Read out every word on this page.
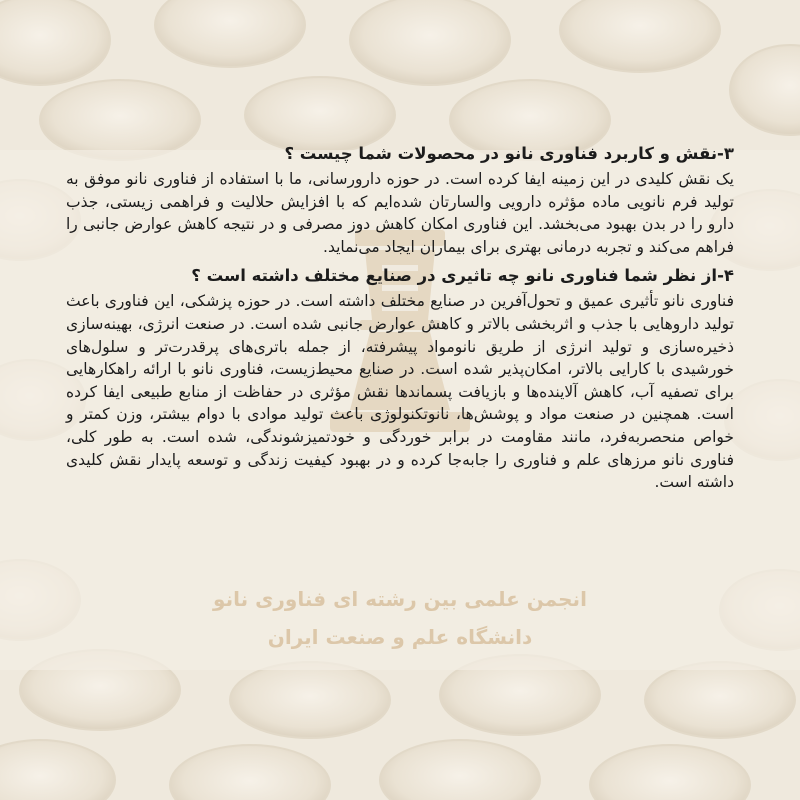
۳-نقش و کاربرد فناوری نانو در محصولات شما چیست ؟
یک نقش کلیدی در این زمینه ایفا کرده است. در حوزه دارورسانی، ما با استفاده از فناوری نانو موفق به تولید فرم نانویی ماده مؤثره دارویی والسارتان شده‌ایم که با افزایش حلالیت و فراهمی زیستی، جذب دارو را در بدن بهبود می‌بخشد. این فناوری امکان کاهش دوز مصرفی و در نتیجه کاهش عوارض جانبی را فراهم می‌کند و تجربه درمانی بهتری برای بیماران ایجاد می‌نماید.
۴-از نظر شما فناوری نانو چه تاثیری در صنایع مختلف داشته است ؟
فناوری نانو تأثیری عمیق و تحول‌آفرین در صنایع مختلف داشته است. در حوزه پزشکی، این فناوری باعث تولید داروهایی با جذب و اثربخشی بالاتر و کاهش عوارض جانبی شده است. در صنعت انرژی، بهینه‌سازی ذخیره‌سازی و تولید انرژی از طریق نانومواد پیشرفته، از جمله باتری‌های پرقدرت‌تر و سلول‌های خورشیدی با کارایی بالاتر، امکان‌پذیر شده است. در صنایع محیط‌زیست، فناوری نانو با ارائه راهکارهایی برای تصفیه آب، کاهش آلاینده‌ها و بازیافت پسماندها نقش مؤثری در حفاظت از منابع طبیعی ایفا کرده است. همچنین در صنعت مواد و پوشش‌ها، نانوتکنولوژی باعث تولید موادی با دوام بیشتر، وزن کمتر و خواص منحصربه‌فرد، مانند مقاومت در برابر خوردگی و خودتمیزشوندگی، شده است. به طور کلی، فناوری نانو مرزهای علم و فناوری را جابه‌جا کرده و در بهبود کیفیت زندگی و توسعه پایدار نقش کلیدی داشته است.
انجمن علمی بین رشته ای فناوری نانو
دانشگاه علم و صنعت ایران
